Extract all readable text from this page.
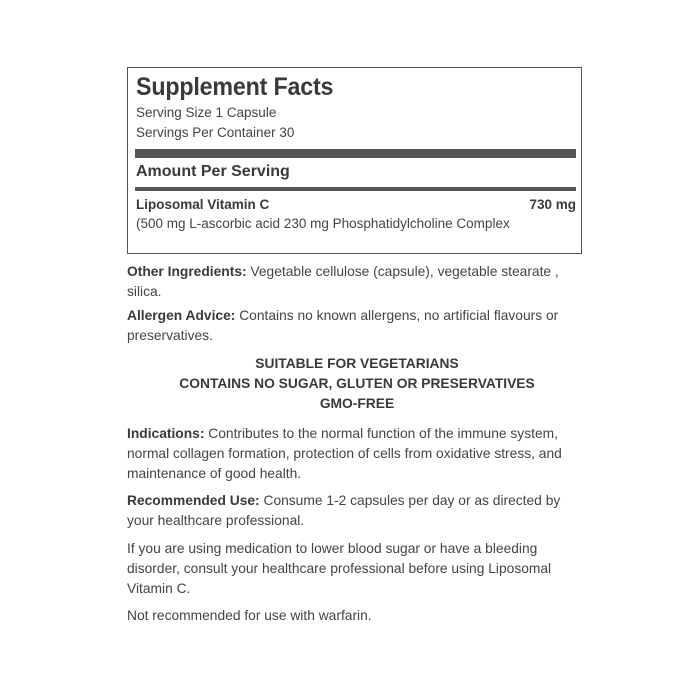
Supplement Facts
Serving Size 1 Capsule
Servings Per Container 30
Amount Per Serving
Liposomal Vitamin C	730 mg
(500 mg L-ascorbic acid 230 mg Phosphatidylcholine Complex
Other Ingredients: Vegetable cellulose (capsule), vegetable stearate , silica.
Allergen Advice: Contains no known allergens, no artificial flavours or preservatives.
SUITABLE FOR VEGETARIANS
CONTAINS NO SUGAR, GLUTEN OR PRESERVATIVES
GMO-FREE
Indications: Contributes to the normal function of the immune system, normal collagen formation, protection of cells from oxidative stress, and maintenance of good health.
Recommended Use: Consume 1-2 capsules per day or as directed by your healthcare professional.
If you are using medication to lower blood sugar or have a bleeding disorder, consult your healthcare professional before using Liposomal Vitamin C.
Not recommended for use with warfarin.
